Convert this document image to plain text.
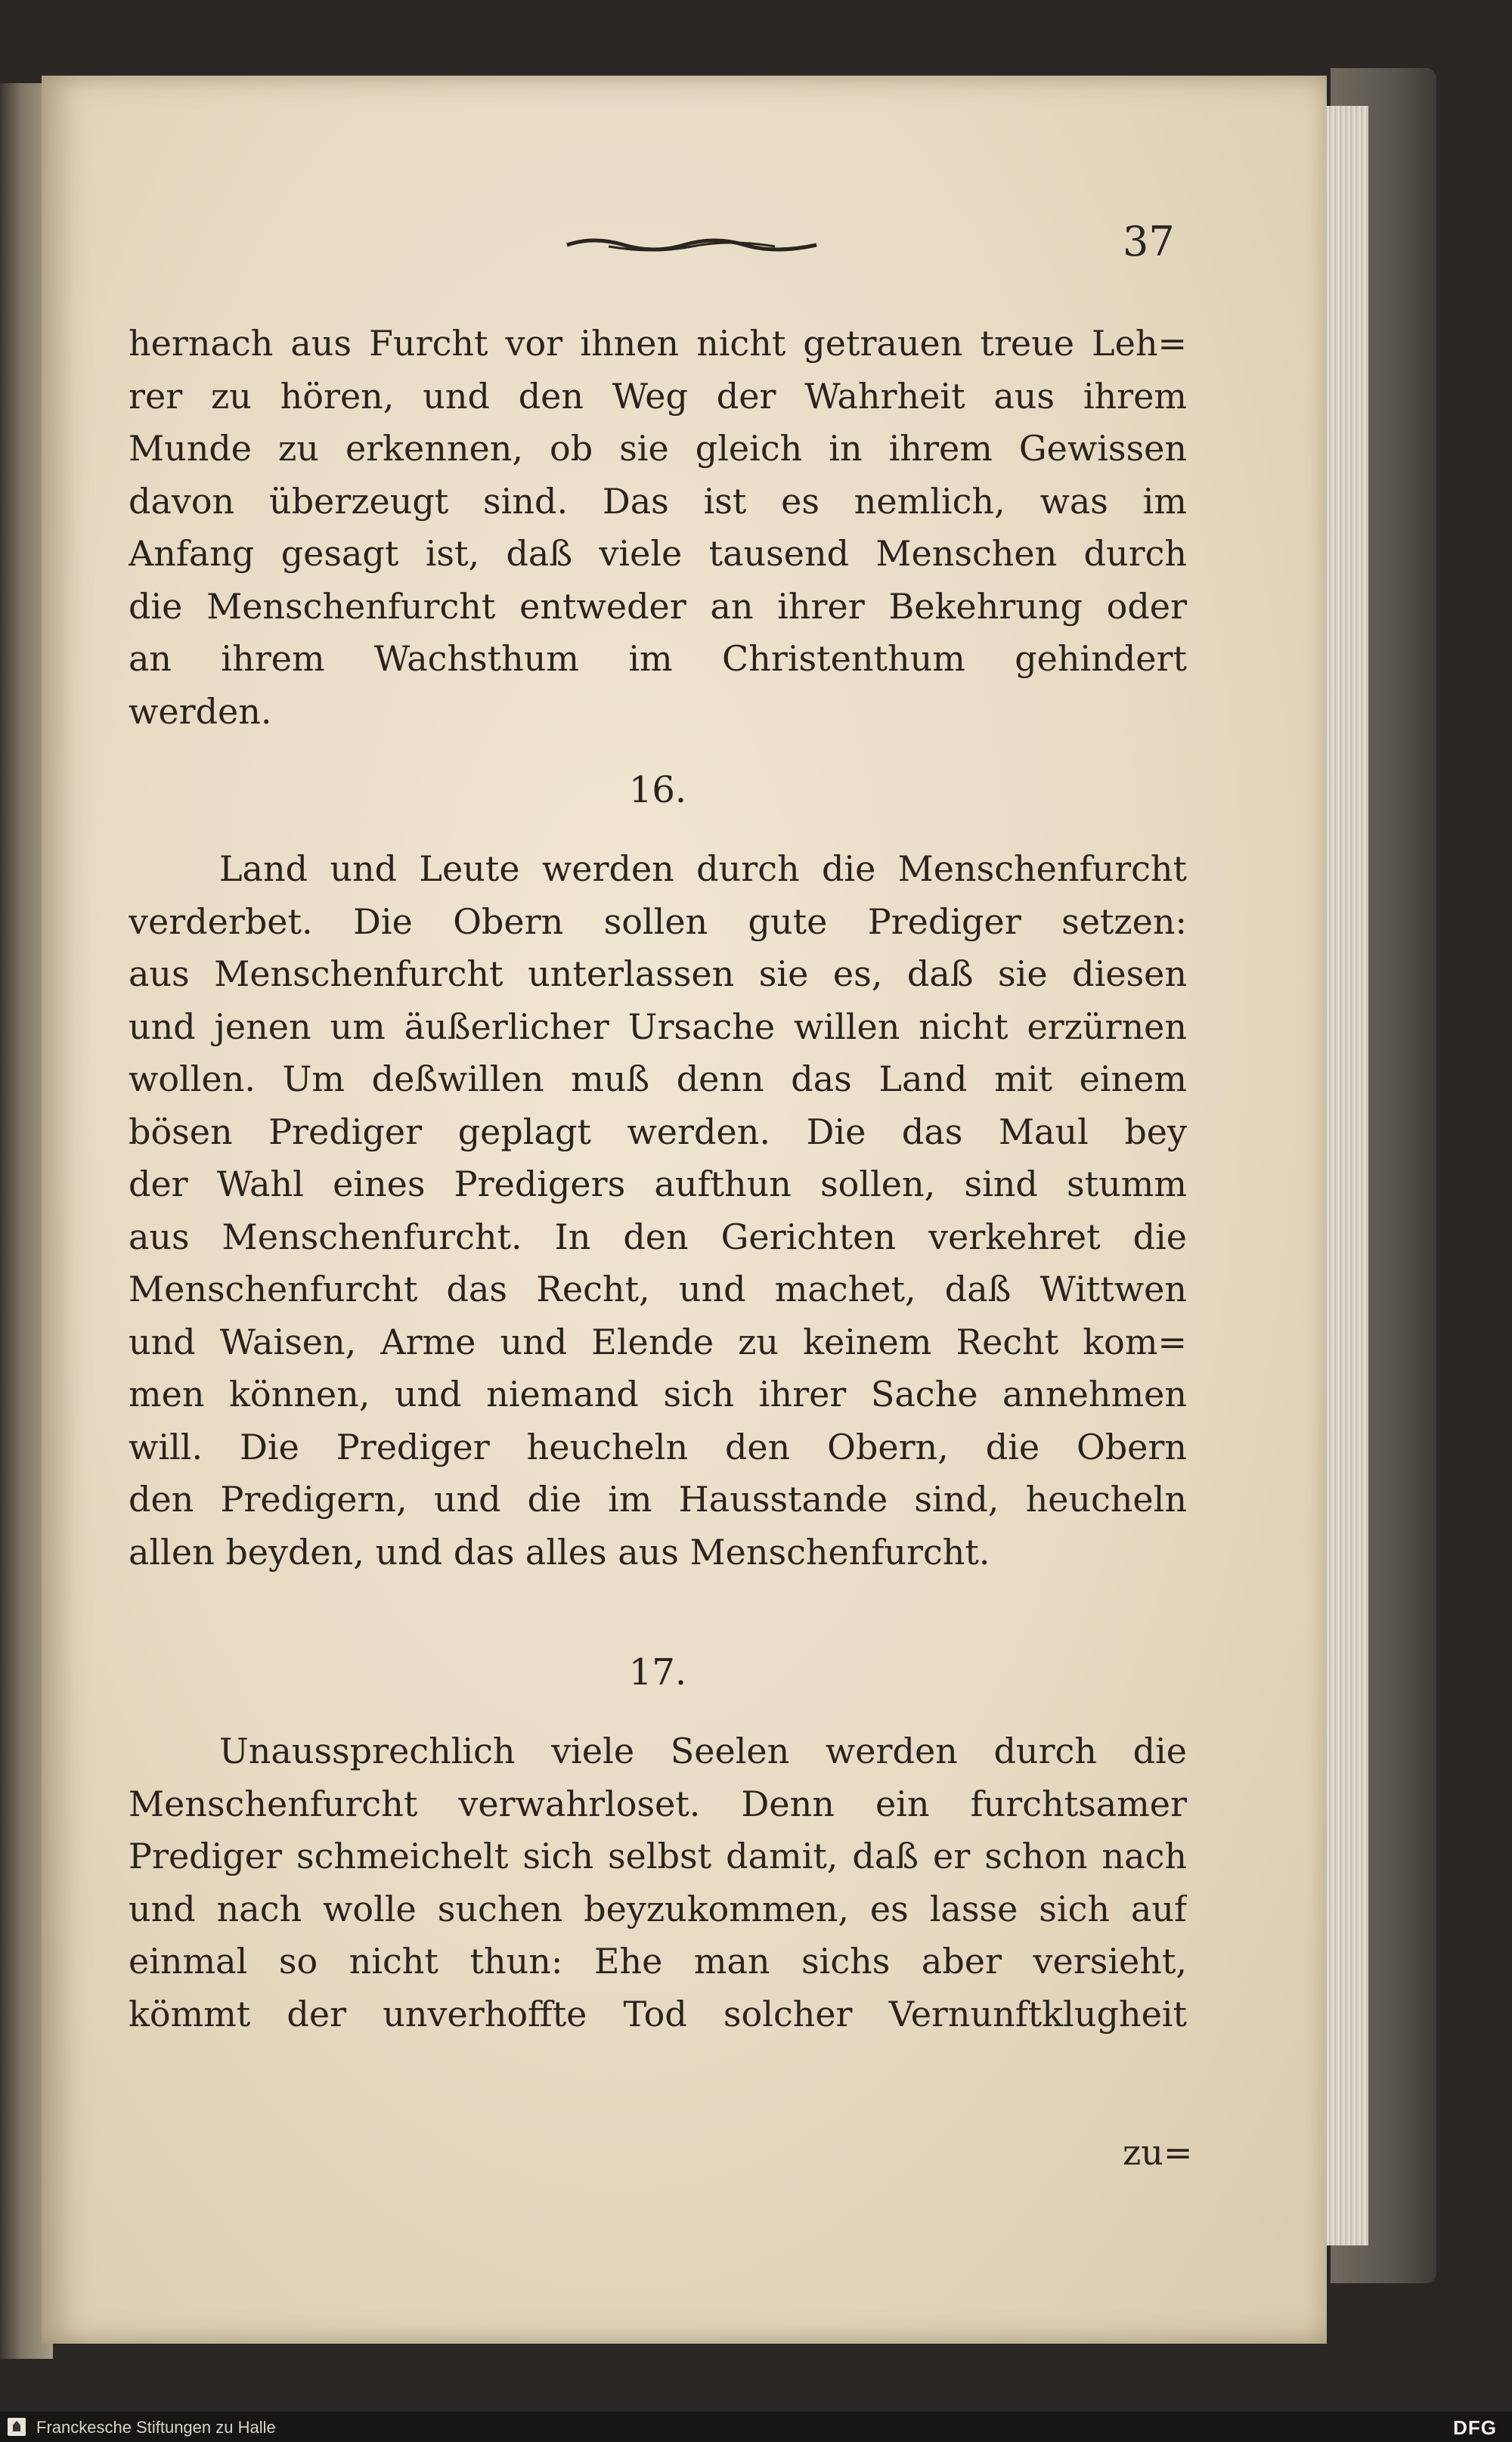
37
hernach aus Furcht vor ihnen nicht getrauen treue Leh=
rer zu hören, und den Weg der Wahrheit aus ihrem
Munde zu erkennen, ob sie gleich in ihrem Gewissen
davon überzeugt sind. Das ist es nemlich, was im
Anfang gesagt ist, daß viele tausend Menschen durch
die Menschenfurcht entweder an ihrer Bekehrung oder
an ihrem Wachsthum im Christenthum gehindert
werden.
16.
Land und Leute werden durch die Menschenfurcht
verderbet. Die Obern sollen gute Prediger setzen:
aus Menschenfurcht unterlassen sie es, daß sie diesen
und jenen um äußerlicher Ursache willen nicht erzürnen
wollen. Um deßwillen muß denn das Land mit einem
bösen Prediger geplagt werden. Die das Maul bey
der Wahl eines Predigers aufthun sollen, sind stumm
aus Menschenfurcht. In den Gerichten verkehret die
Menschenfurcht das Recht, und machet, daß Wittwen
und Waisen, Arme und Elende zu keinem Recht kom=
men können, und niemand sich ihrer Sache annehmen
will. Die Prediger heucheln den Obern, die Obern
den Predigern, und die im Hausstande sind, heucheln
allen beyden, und das alles aus Menschenfurcht.
17.
Unaussprechlich viele Seelen werden durch die
Menschenfurcht verwahrloset. Denn ein furchtsamer
Prediger schmeichelt sich selbst damit, daß er schon nach
und nach wolle suchen beyzukommen, es lasse sich auf
einmal so nicht thun: Ehe man sichs aber versieht,
kömmt der unverhoffte Tod solcher Vernunftklugheit
zu=
Franckesche Stiftungen zu Halle	DFG
